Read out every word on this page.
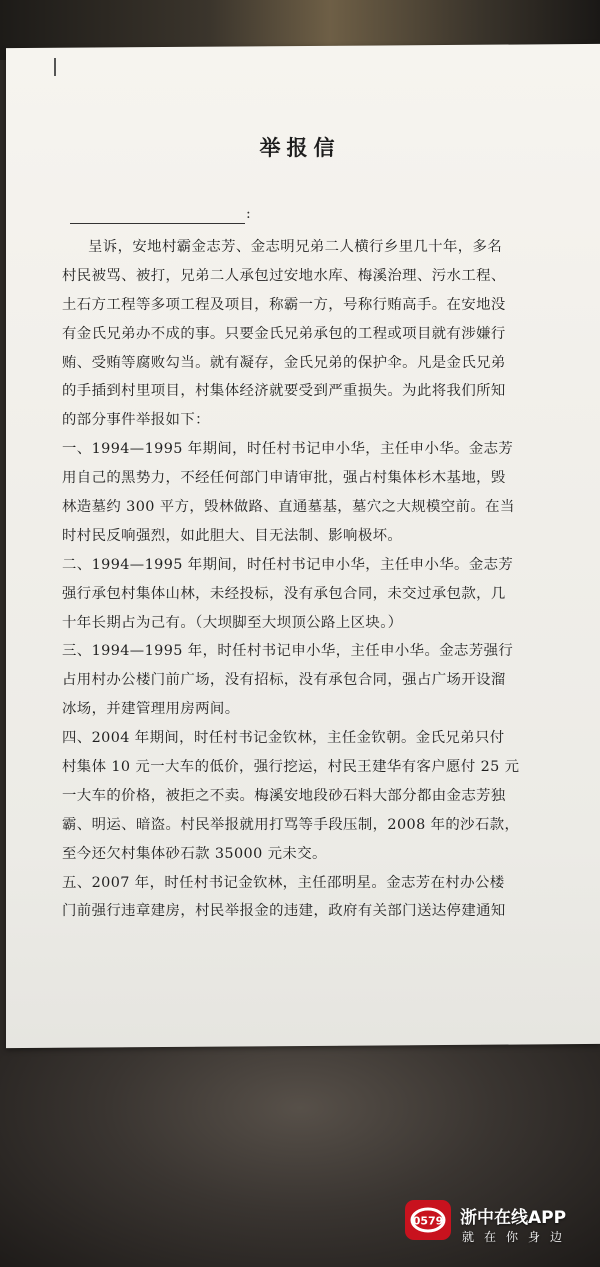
举报信
:
呈诉，安地村霸金志芳、金志明兄弟二人横行乡里几十年，多名
村民被骂、被打，兄弟二人承包过安地水库、梅溪治理、污水工程、
土石方工程等多项工程及项目，称霸一方，号称行贿高手。在安地没
有金氏兄弟办不成的事。只要金氏兄弟承包的工程或项目就有涉嫌行
贿、受贿等腐败勾当。就有凝存，金氏兄弟的保护伞。凡是金氏兄弟
的手插到村里项目，村集体经济就要受到严重损失。为此将我们所知
的部分事件举报如下：
一、1994—1995 年期间，时任村书记申小华，主任申小华。金志芳
用自己的黑势力，不经任何部门申请审批，强占村集体杉木基地，毁
林造墓约 300 平方，毁林做路、直通墓基，墓穴之大规模空前。在当
时村民反响强烈，如此胆大、目无法制、影响极坏。
二、1994—1995 年期间，时任村书记申小华，主任申小华。金志芳
强行承包村集体山林，未经投标，没有承包合同，未交过承包款，几
十年长期占为己有。（大坝脚至大坝顶公路上区块。）
三、1994—1995 年，时任村书记申小华，主任申小华。金志芳强行
占用村办公楼门前广场，没有招标，没有承包合同，强占广场开设溜
冰场，并建管理用房两间。
四、2004 年期间，时任村书记金钦林，主任金钦朝。金氏兄弟只付
村集体 10 元一大车的低价，强行挖运，村民王建华有客户愿付 25 元
一大车的价格，被拒之不卖。梅溪安地段砂石料大部分都由金志芳独
霸、明运、暗盗。村民举报就用打骂等手段压制，2008 年的沙石款，
至今还欠村集体砂石款 35000 元未交。
五、2007 年，时任村书记金钦林，主任邵明星。金志芳在村办公楼
门前强行违章建房，村民举报金的违建，政府有关部门送达停建通知
0579 浙中在线APP
就在你身边
